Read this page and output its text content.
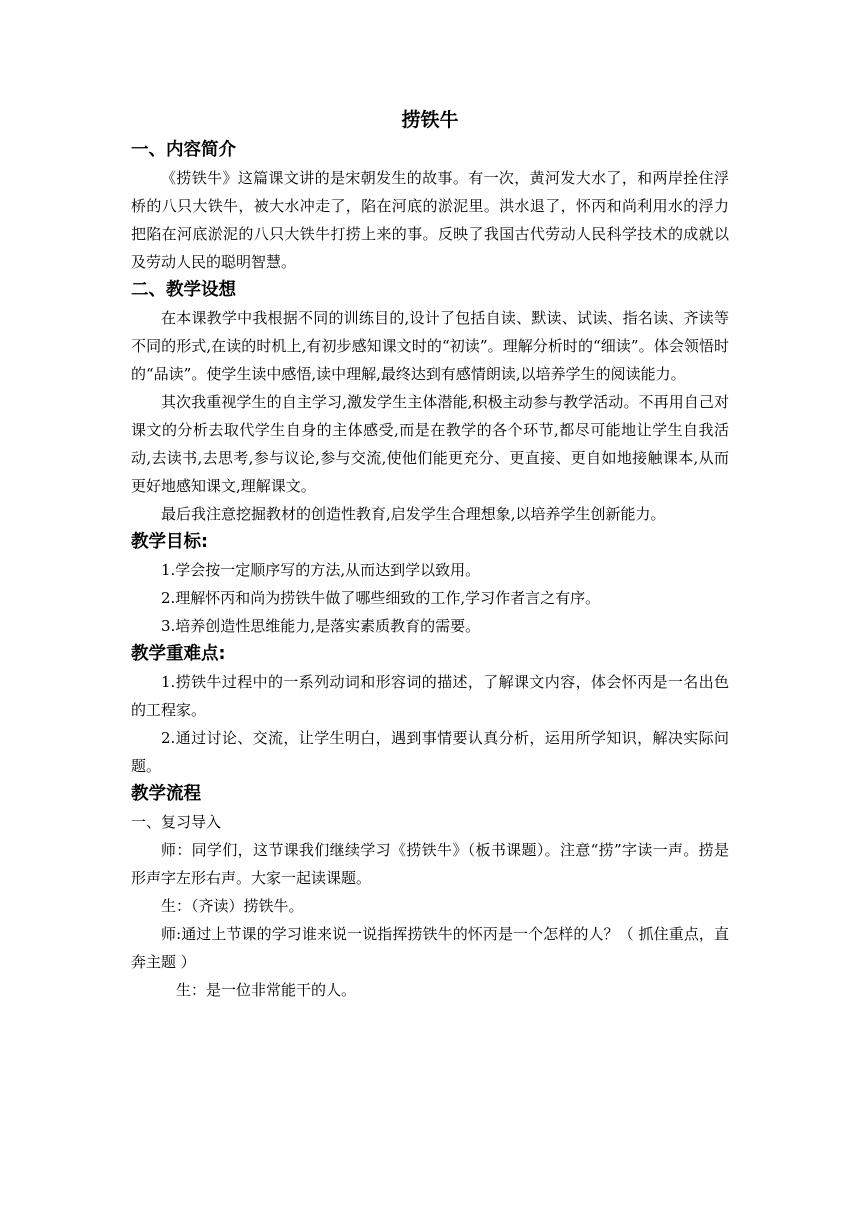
捞铁牛
一、内容简介

《捞铁牛》这篇课文讲的是宋朝发生的故事。有一次，黄河发大水了，和两岸拴住浮桥的八只大铁牛，被大水冲走了，陷在河底的淤泥里。洪水退了，怀丙和尚利用水的浮力把陷在河底淤泥的八只大铁牛打捞上来的事。反映了我国古代劳动人民科学技术的成就以及劳动人民的聪明智慧。

二、教学设想

在本课教学中我根据不同的训练目的,设计了包括自读、默读、试读、指名读、齐读等不同的形式,在读的时机上,有初步感知课文时的“初读”。理解分析时的“细读”。体会领悟时的“品读”。使学生读中感悟,读中理解,最终达到有感情朗读,以培养学生的阅读能力。

其次我重视学生的自主学习,激发学生主体潜能,积极主动参与教学活动。不再用自己对课文的分析去取代学生自身的主体感受,而是在教学的各个环节,都尽可能地让学生自我活动,去读书,去思考,参与议论,参与交流,使他们能更充分、更直接、更自如地接触课本,从而更好地感知课文,理解课文。

最后我注意挖掘教材的创造性教育,启发学生合理想象,以培养学生创新能力。

教学目标:

1.学会按一定顺序写的方法,从而达到学以致用。

2.理解怀丙和尚为捞铁牛做了哪些细致的工作,学习作者言之有序。

3.培养创造性思维能力,是落实素质教育的需要。

教学重难点:

1.捞铁牛过程中的一系列动词和形容词的描述，了解课文内容，体会怀丙是一名出色的工程家。

2.通过讨论、交流，让学生明白，遇到事情要认真分析，运用所学知识，解决实际问题。

教学流程

一、复习导入

师：同学们，这节课我们继续学习《捞铁牛》（板书课题）。注意“捞”字读一声。捞是形声字左形右声。大家一起读课题。

生：（齐读）捞铁牛。

师:通过上节课的学习谁来说一说指挥捞铁牛的怀丙是一个怎样的人？（ 抓住重点，直奔主题 ）

生：是一位非常能干的人。
